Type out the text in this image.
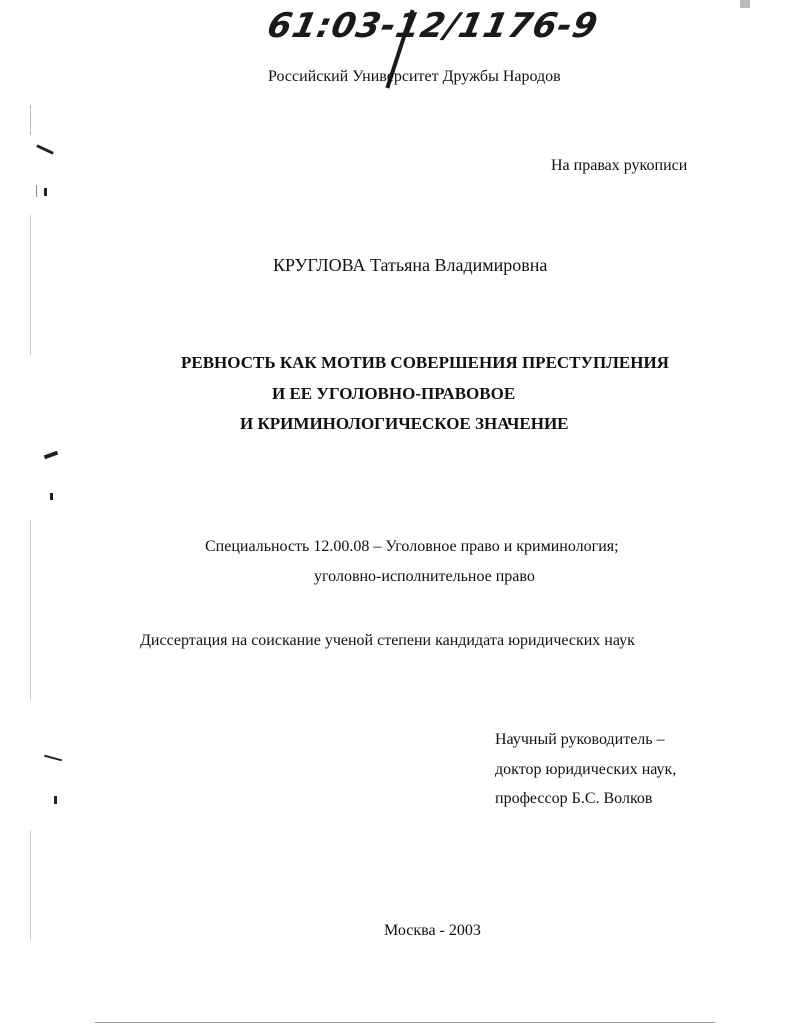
61:03-12/1176-9
Российский Университет Дружбы Народов
На правах рукописи
КРУГЛОВА Татьяна Владимировна
РЕВНОСТЬ КАК МОТИВ СОВЕРШЕНИЯ ПРЕСТУПЛЕНИЯ
И ЕЕ УГОЛОВНО-ПРАВОВОЕ
И КРИМИНОЛОГИЧЕСКОЕ ЗНАЧЕНИЕ
Специальность 12.00.08 – Уголовное право и криминология;
уголовно-исполнительное право
Диссертация на соискание ученой степени кандидата юридических наук
Научный руководитель –
доктор юридических наук,
профессор Б.С. Волков
Москва - 2003
